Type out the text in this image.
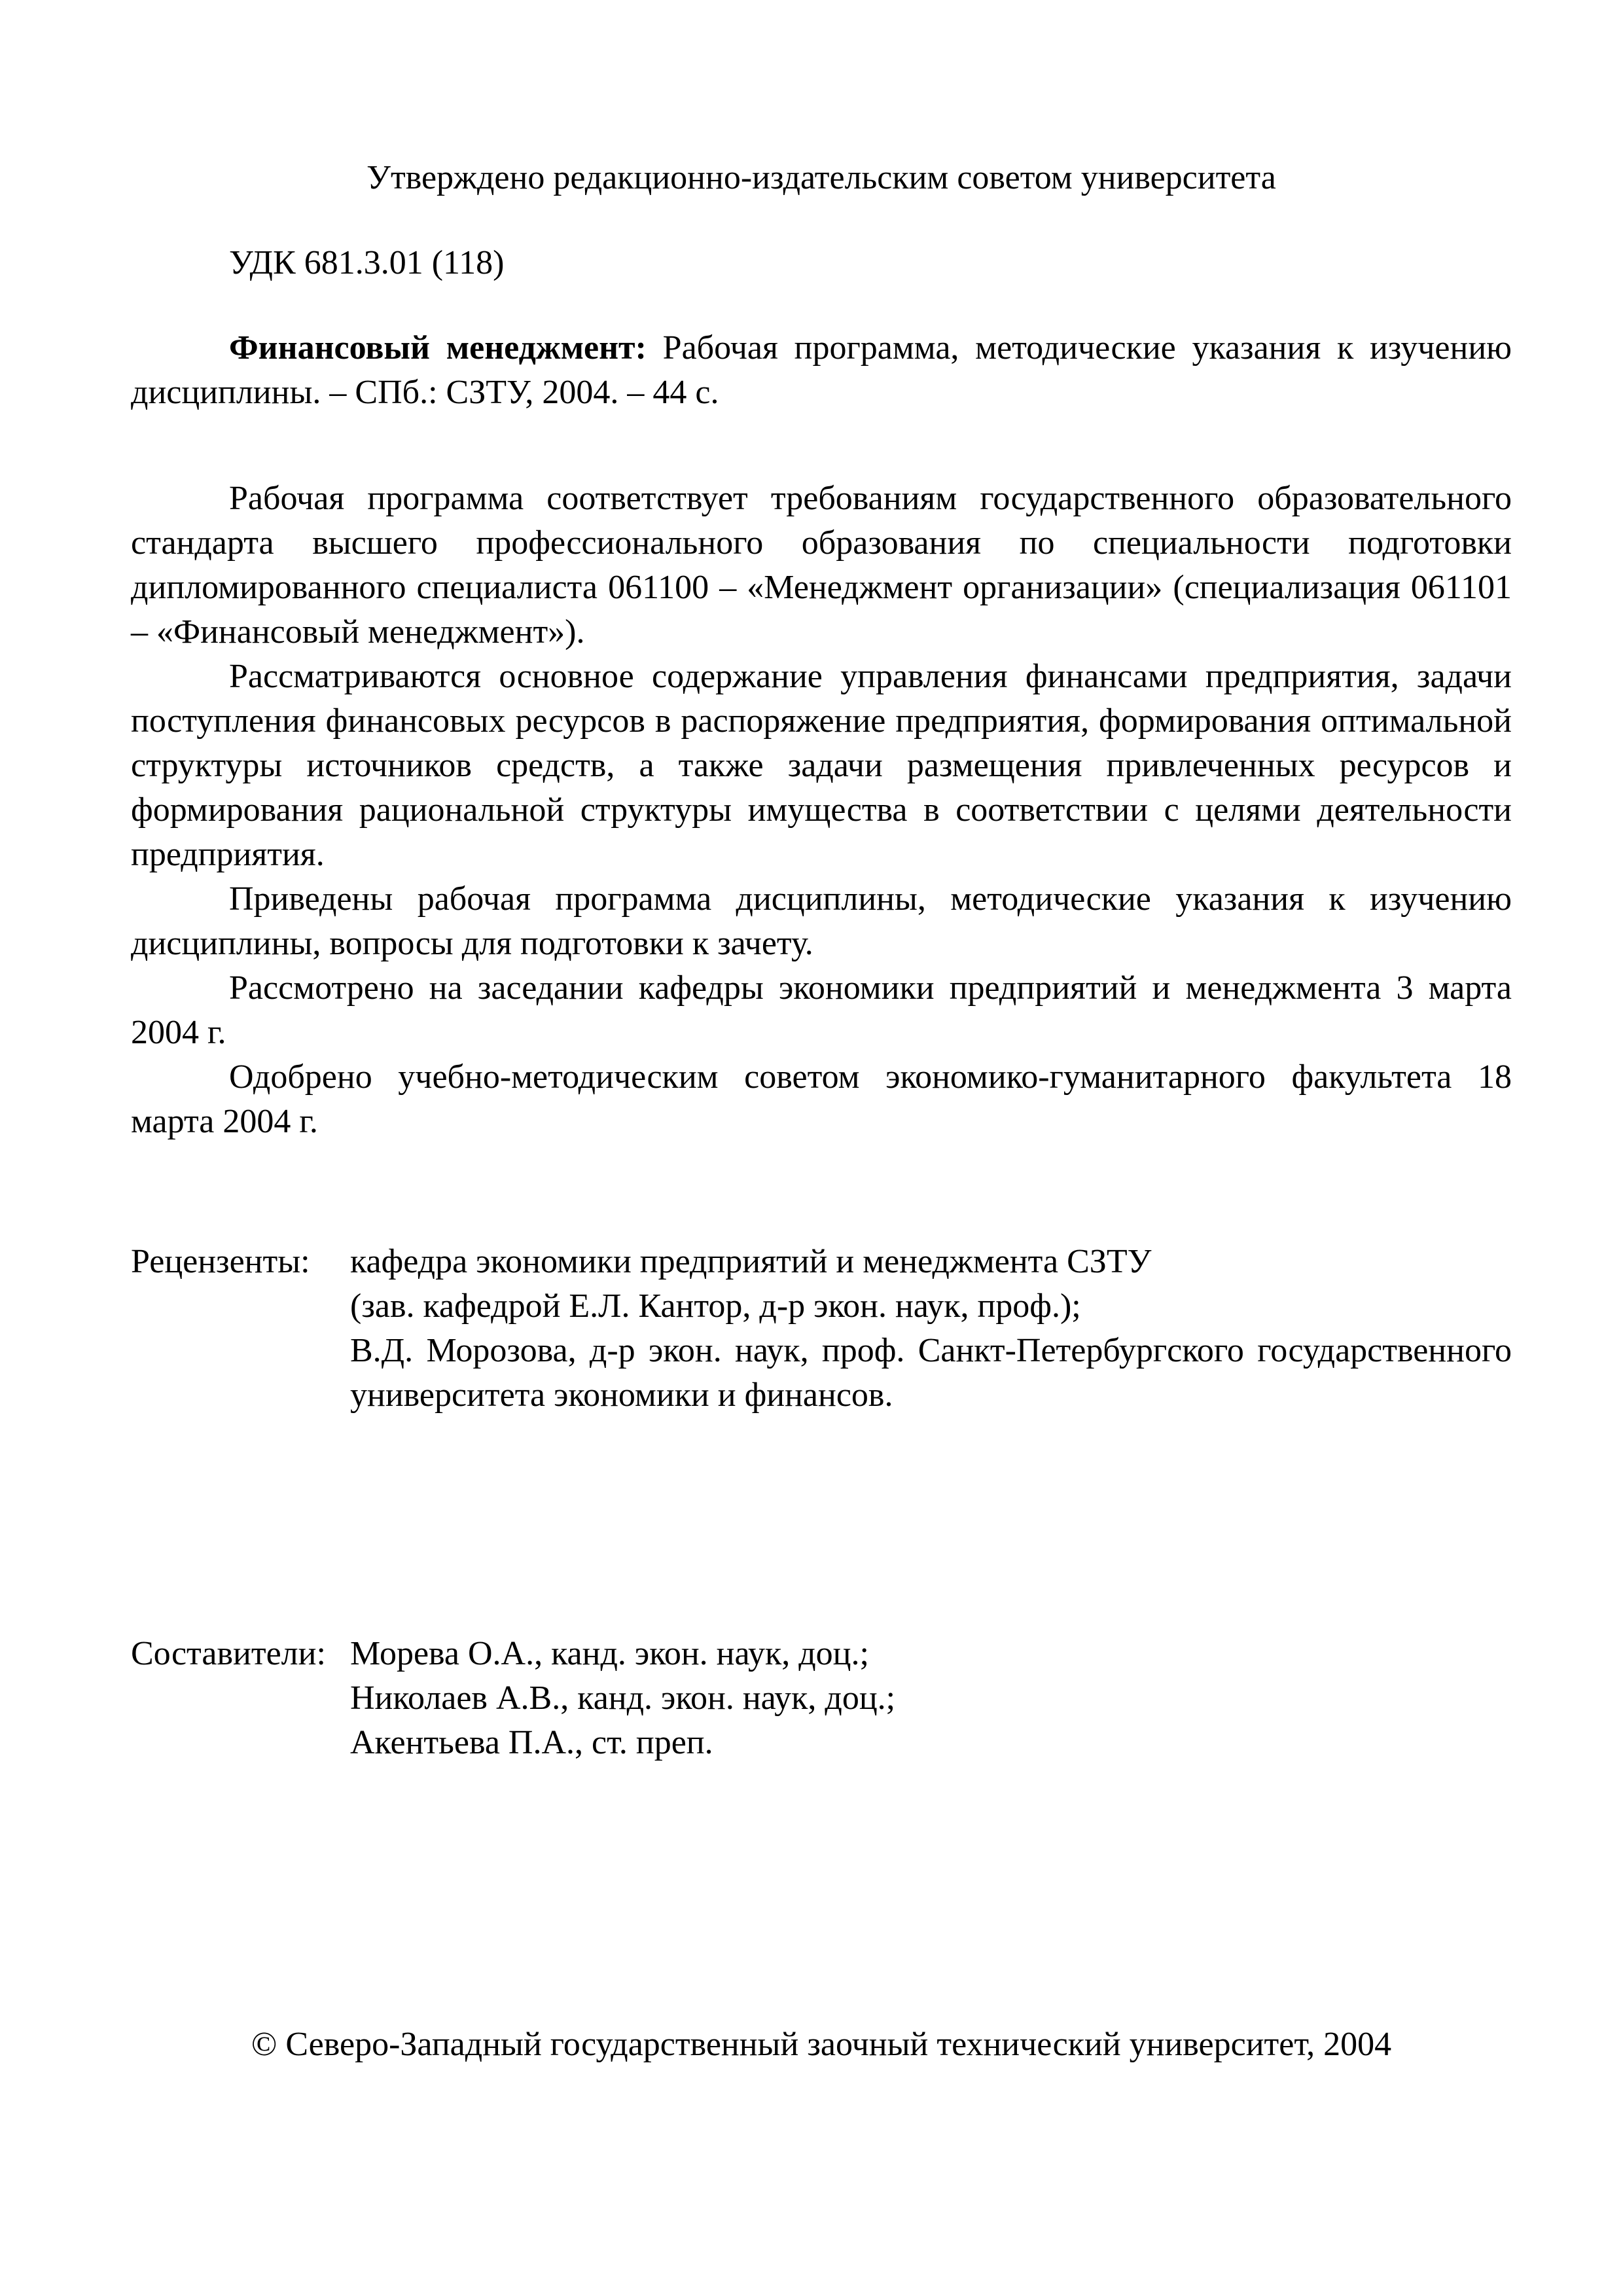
Утверждено редакционно-издательским советом университета
УДК 681.3.01 (118)
Финансовый менеджмент: Рабочая программа, методические указания к изучению дисциплины. – СПб.: СЗТУ, 2004. – 44 с.

Рабочая программа соответствует требованиям государственного образовательного стандарта высшего профессионального образования по специальности подготовки дипломированного специалиста 061100 – «Менеджмент организации» (специализация 061101 – «Финансовый менеджмент»).

Рассматриваются основное содержание управления финансами предприятия, задачи поступления финансовых ресурсов в распоряжение предприятия, формирования оптимальной структуры источников средств, а также задачи размещения привлеченных ресурсов и формирования рациональной структуры имущества в соответствии с целями деятельности предприятия.

Приведены рабочая программа дисциплины, методические указания к изучению дисциплины, вопросы для подготовки к зачету.

Рассмотрено на заседании кафедры экономики предприятий и менеджмента 3 марта 2004 г.

Одобрено учебно-методическим советом экономико-гуманитарного факультета 18 марта 2004 г.

Рецензенты:	кафедра экономики предприятий и менеджмента СЗТУ
(зав. кафедрой Е.Л. Кантор, д-р экон. наук, проф.);
В.Д. Морозова, д-р экон. наук, проф. Санкт-Петербургского государственного университета экономики и финансов.
Составители: Морева О.А., канд. экон. наук, доц.;
Николаев А.В., канд. экон. наук, доц.;
Акентьева П.А., ст. преп.
© Северо-Западный государственный заочный технический университет, 2004
